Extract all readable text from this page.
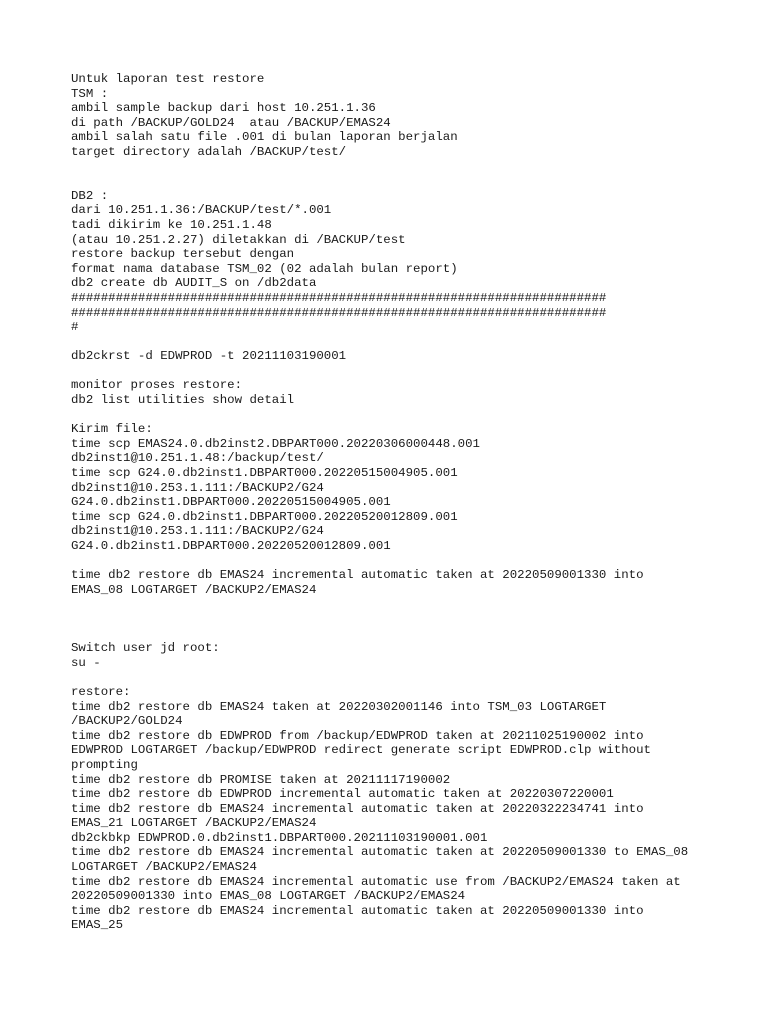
Untuk laporan test restore
TSM :
ambil sample backup dari host 10.251.1.36
di path /BACKUP/GOLD24  atau /BACKUP/EMAS24
ambil salah satu file .001 di bulan laporan berjalan
target directory adalah /BACKUP/test/
DB2 :
dari 10.251.1.36:/BACKUP/test/*.001
tadi dikirim ke 10.251.1.48
(atau 10.251.2.27) diletakkan di /BACKUP/test
restore backup tersebut dengan
format nama database TSM_02 (02 adalah bulan report)
db2 create db AUDIT_S on /db2data
########################################################################
########################################################################
#
db2ckrst -d EDWPROD -t 20211103190001
monitor proses restore:
db2 list utilities show detail
Kirim file:
time scp EMAS24.0.db2inst2.DBPART000.20220306000448.001
db2inst1@10.251.1.48:/backup/test/
time scp G24.0.db2inst1.DBPART000.20220515004905.001
db2inst1@10.253.1.111:/BACKUP2/G24
G24.0.db2inst1.DBPART000.20220515004905.001
time scp G24.0.db2inst1.DBPART000.20220520012809.001
db2inst1@10.253.1.111:/BACKUP2/G24
G24.0.db2inst1.DBPART000.20220520012809.001
time db2 restore db EMAS24 incremental automatic taken at 20220509001330 into
EMAS_08 LOGTARGET /BACKUP2/EMAS24
Switch user jd root:
su -
restore:
time db2 restore db EMAS24 taken at 20220302001146 into TSM_03 LOGTARGET
/BACKUP2/GOLD24
time db2 restore db EDWPROD from /backup/EDWPROD taken at 20211025190002 into
EDWPROD LOGTARGET /backup/EDWPROD redirect generate script EDWPROD.clp without
prompting
time db2 restore db PROMISE taken at 20211117190002
time db2 restore db EDWPROD incremental automatic taken at 20220307220001
time db2 restore db EMAS24 incremental automatic taken at 20220322234741 into
EMAS_21 LOGTARGET /BACKUP2/EMAS24
db2ckbkp EDWPROD.0.db2inst1.DBPART000.20211103190001.001
time db2 restore db EMAS24 incremental automatic taken at 20220509001330 to EMAS_08
LOGTARGET /BACKUP2/EMAS24
time db2 restore db EMAS24 incremental automatic use from /BACKUP2/EMAS24 taken at
20220509001330 into EMAS_08 LOGTARGET /BACKUP2/EMAS24
time db2 restore db EMAS24 incremental automatic taken at 20220509001330 into
EMAS_25
